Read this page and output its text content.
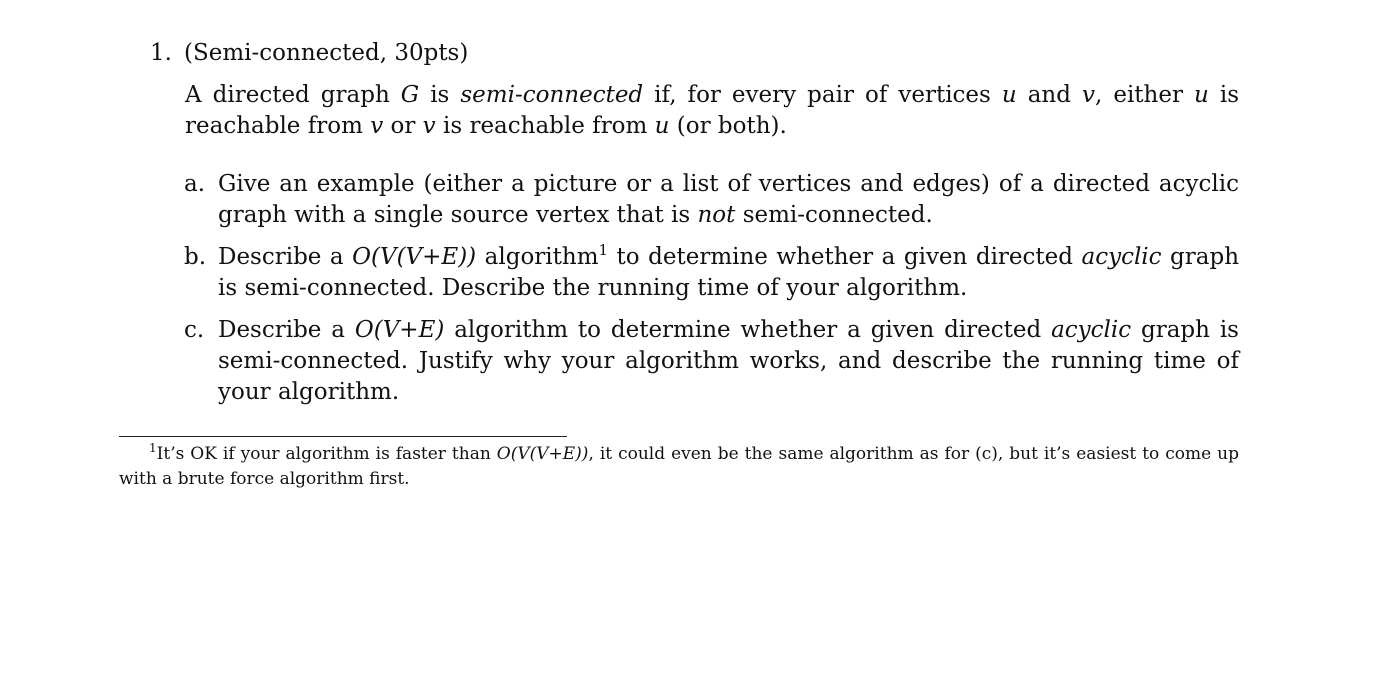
1. (Semi-connected, 30pts)
A directed graph G is semi-connected if, for every pair of vertices u and v, either u is reachable from v or v is reachable from u (or both).
a. Give an example (either a picture or a list of vertices and edges) of a directed acyclic graph with a single source vertex that is not semi-connected.
b. Describe a O(V(V+E)) algorithm$^1$ to determine whether a given directed acyclic graph is semi-connected. Describe the running time of your algorithm.
c. Describe a O(V+E) algorithm to determine whether a given directed acyclic graph is semi-connected. Justify why your algorithm works, and describe the running time of your algorithm.
$^1$It’s OK if your algorithm is faster than O(V(V+E)), it could even be the same algorithm as for (c), but it’s easiest to come up with a brute force algorithm first.
